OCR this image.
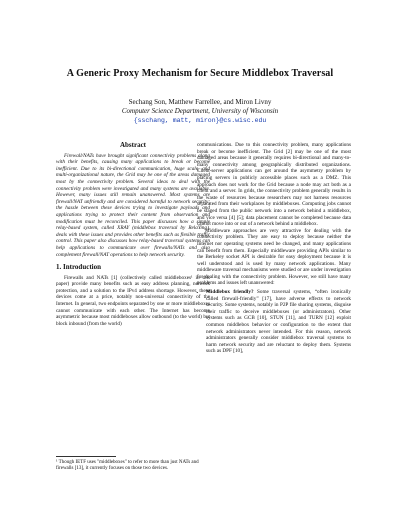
A Generic Proxy Mechanism for Secure Middlebox Traversal
Sechang Son, Matthew Farrellee, and Miron Livny
Computer Science Department, University of Wisconsin
{sschang, matt, miron}@cs.wisc.edu
Abstract

Firewall/NATs have brought significant connectivity problems along with their benefits, causing many applications to break or become inefficient. Due to its bi-directional communication, huge scale, and multi-organizational nature, the Grid may be one of the areas damaged most by the connectivity problem. Several ideas to deal with the connectivity problem were investigated and many systems are available. However, many issues still remain unanswered. Most systems are firewall/NAT unfriendly and are considered harmful to network security; the hassle between these devices trying to investigate payloads and applications trying to protect their content from observation and modification must be reconciled. This paper discusses how a simple relay-based system, called XRAY (middlebox traversal by RelaYing), deals with these issues and provides other benefits such as flexible traffic control. This paper also discusses how relay-based traversal systems can help applications to communicate over firewalls/NATs and also complement firewall/NAT operations to help network security.

1. Introduction

Firewalls and NATs [1] (collectively called middleboxes¹ in this paper) provide many benefits such as easy address planning, network protection, and a solution to the IPv4 address shortage. However, these devices come at a price, notably non-universal connectivity of the Internet. In general, two endpoints separated by one or more middleboxes cannot communicate with each other. The Internet has become asymmetric because most middleboxes allow outbound (to the world) but block inbound (from the world)

¹ Though IETF uses "middleboxes" to refer to more than just NATs and firewalls [13], it currently focuses on those two devices.

communications. Due to this connectivity problem, many applications break or become inefficient. The Grid [2] may be one of the most damaged areas because it generally requires bi-directional and many-to-many connectivity among geographically distributed organizations. Client-server applications can get around the asymmetry problem by placing servers in publicly accessible places such as a DMZ. This approach does not work for the Grid because a node may act both as a client and a server. In grids, the connectivity problem generally results in the waste of resources because researchers may not harness resources separated from their workplaces by middleboxes. Computing jobs cannot be staged from the public network into a network behind a middlebox, and vice versa [4] [5]; data placement cannot be completed because data cannot move into or out of a network behind a middlebox.

Middleware approaches are very attractive for dealing with the connectivity problem. They are easy to deploy because neither the Internet nor operating systems need be changed, and many applications can benefit from them. Especially middleware providing APIs similar to the Berkeley socket API is desirable for easy deployment because it is well understood and is used by many network applications. Many middleware traversal mechanisms were studied or are under investigation for dealing with the connectivity problem. However, we still have many problems and issues left unanswered:

• Middlebox friendly? Some traversal systems, “often ironically called firewall-friendly” [17], have adverse effects to network security. Some systems, notably in P2P file sharing systems, disguise their traffic to deceive middleboxes (or administrators). Other systems such as GCB [10], STUN [11], and TURN [12] exploit common middlebox behavior or configuration to the extent that network administrators never intended. For this reason, network administrators generally consider middlebox traversal systems to harm network security and are reluctant to deploy them. Systems such as DPF [10],
